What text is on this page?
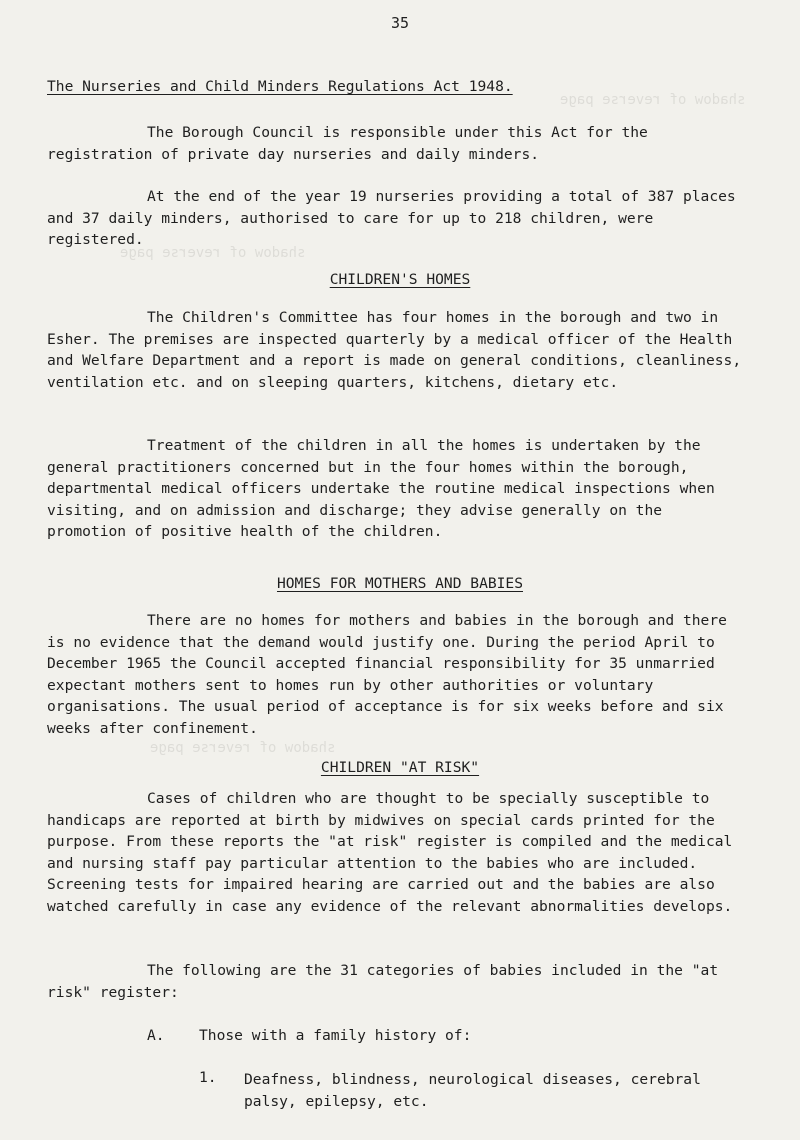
shadow of reverse page
shadow of reverse page
shadow of reverse page
35
The Nurseries and Child Minders Regulations Act 1948.

The Borough Council is responsible under this Act for the registration of private day nurseries and daily minders.

At the end of the year 19 nurseries providing a total of 387 places and 37 daily minders, authorised to care for up to 218 children, were registered.

CHILDREN'S HOMES

The Children's Committee has four homes in the borough and two in Esher. The premises are inspected quarterly by a medical officer of the Health and Welfare Department and a report is made on general conditions, cleanliness, ventilation etc. and on sleeping quarters, kitchens, dietary etc.

Treatment of the children in all the homes is undertaken by the general practitioners concerned but in the four homes within the borough, departmental medical officers undertake the routine medical inspections when visiting, and on admission and discharge; they advise generally on the promotion of positive health of the children.

HOMES FOR MOTHERS AND BABIES

There are no homes for mothers and babies in the borough and there is no evidence that the demand would justify one. During the period April to December 1965 the Council accepted financial responsibility for 35 unmarried expectant mothers sent to homes run by other authorities or voluntary organisations. The usual period of acceptance is for six weeks before and six weeks after confinement.

CHILDREN "AT RISK"

Cases of children who are thought to be specially susceptible to handicaps are reported at birth by midwives on special cards printed for the purpose. From these reports the "at risk" register is compiled and the medical and nursing staff pay particular attention to the babies who are included. Screening tests for impaired hearing are carried out and the babies are also watched carefully in case any evidence of the relevant abnormalities develops.

The following are the 31 categories of babies included in the "at risk" register:

A. Those with a family history of:
1. Deafness, blindness, neurological diseases, cerebral palsy, epilepsy, etc.
